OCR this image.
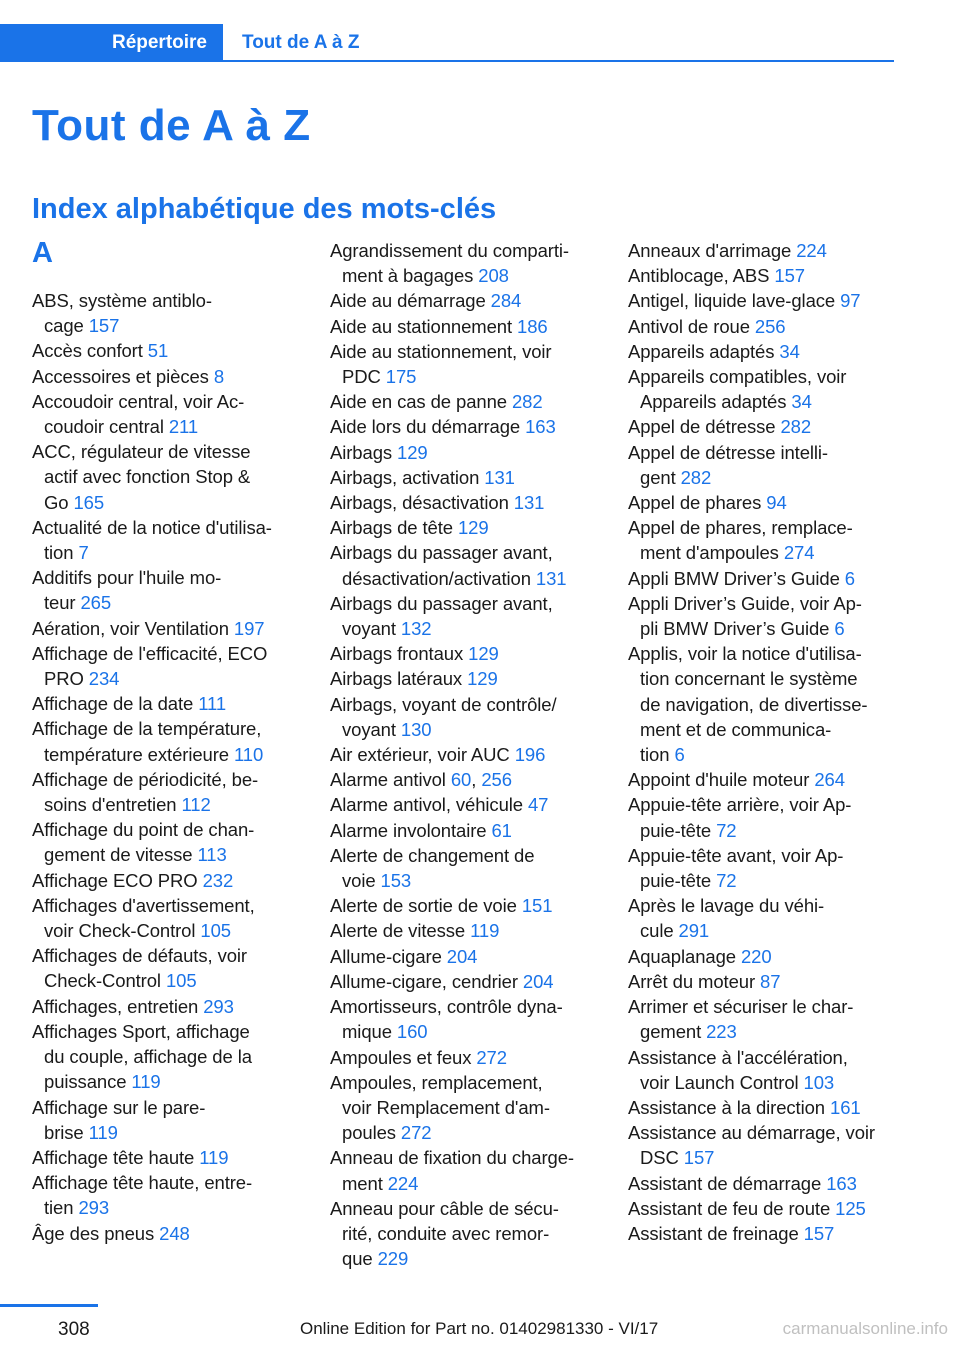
Répertoire Tout de A à Z
Tout de A à Z
Index alphabétique des mots-clés
A
ABS, système antiblo-
cage 157
Accès confort 51
Accessoires et pièces 8
Accoudoir central, voir Ac-
coudoir central 211
ACC, régulateur de vitesse
actif avec fonction Stop &
Go 165
Actualité de la notice d'utilisa-
tion 7
Additifs pour l'huile mo-
teur 265
Aération, voir Ventilation 197
Affichage de l'efficacité, ECO
PRO 234
Affichage de la date 111
Affichage de la température,
température extérieure 110
Affichage de périodicité, be-
soins d'entretien 112
Affichage du point de chan-
gement de vitesse 113
Affichage ECO PRO 232
Affichages d'avertissement,
voir Check-Control 105
Affichages de défauts, voir
Check-Control 105
Affichages, entretien 293
Affichages Sport, affichage
du couple, affichage de la
puissance 119
Affichage sur le pare-
brise 119
Affichage tête haute 119
Affichage tête haute, entre-
tien 293
Âge des pneus 248
Agrandissement du comparti-
ment à bagages 208
Aide au démarrage 284
Aide au stationnement 186
Aide au stationnement, voir
PDC 175
Aide en cas de panne 282
Aide lors du démarrage 163
Airbags 129
Airbags, activation 131
Airbags, désactivation 131
Airbags de tête 129
Airbags du passager avant,
désactivation/activation 131
Airbags du passager avant,
voyant 132
Airbags frontaux 129
Airbags latéraux 129
Airbags, voyant de contrôle/
voyant 130
Air extérieur, voir AUC 196
Alarme antivol 60, 256
Alarme antivol, véhicule 47
Alarme involontaire 61
Alerte de changement de
voie 153
Alerte de sortie de voie 151
Alerte de vitesse 119
Allume-cigare 204
Allume-cigare, cendrier 204
Amortisseurs, contrôle dyna-
mique 160
Ampoules et feux 272
Ampoules, remplacement,
voir Remplacement d'am-
poules 272
Anneau de fixation du charge-
ment 224
Anneau pour câble de sécu-
rité, conduite avec remor-
que 229
Anneaux d'arrimage 224
Antiblocage, ABS 157
Antigel, liquide lave-glace 97
Antivol de roue 256
Appareils adaptés 34
Appareils compatibles, voir
Appareils adaptés 34
Appel de détresse 282
Appel de détresse intelli-
gent 282
Appel de phares 94
Appel de phares, remplace-
ment d'ampoules 274
Appli BMW Driver’s Guide 6
Appli Driver’s Guide, voir Ap-
pli BMW Driver’s Guide 6
Applis, voir la notice d'utilisa-
tion concernant le système
de navigation, de divertisse-
ment et de communica-
tion 6
Appoint d'huile moteur 264
Appuie-tête arrière, voir Ap-
puie-tête 72
Appuie-tête avant, voir Ap-
puie-tête 72
Après le lavage du véhi-
cule 291
Aquaplanage 220
Arrêt du moteur 87
Arrimer et sécuriser le char-
gement 223
Assistance à l'accélération,
voir Launch Control 103
Assistance à la direction 161
Assistance au démarrage, voir
DSC 157
Assistant de démarrage 163
Assistant de feu de route 125
Assistant de freinage 157
308	Online Edition for Part no. 01402981330 - VI/17	carmanualsonline.info
